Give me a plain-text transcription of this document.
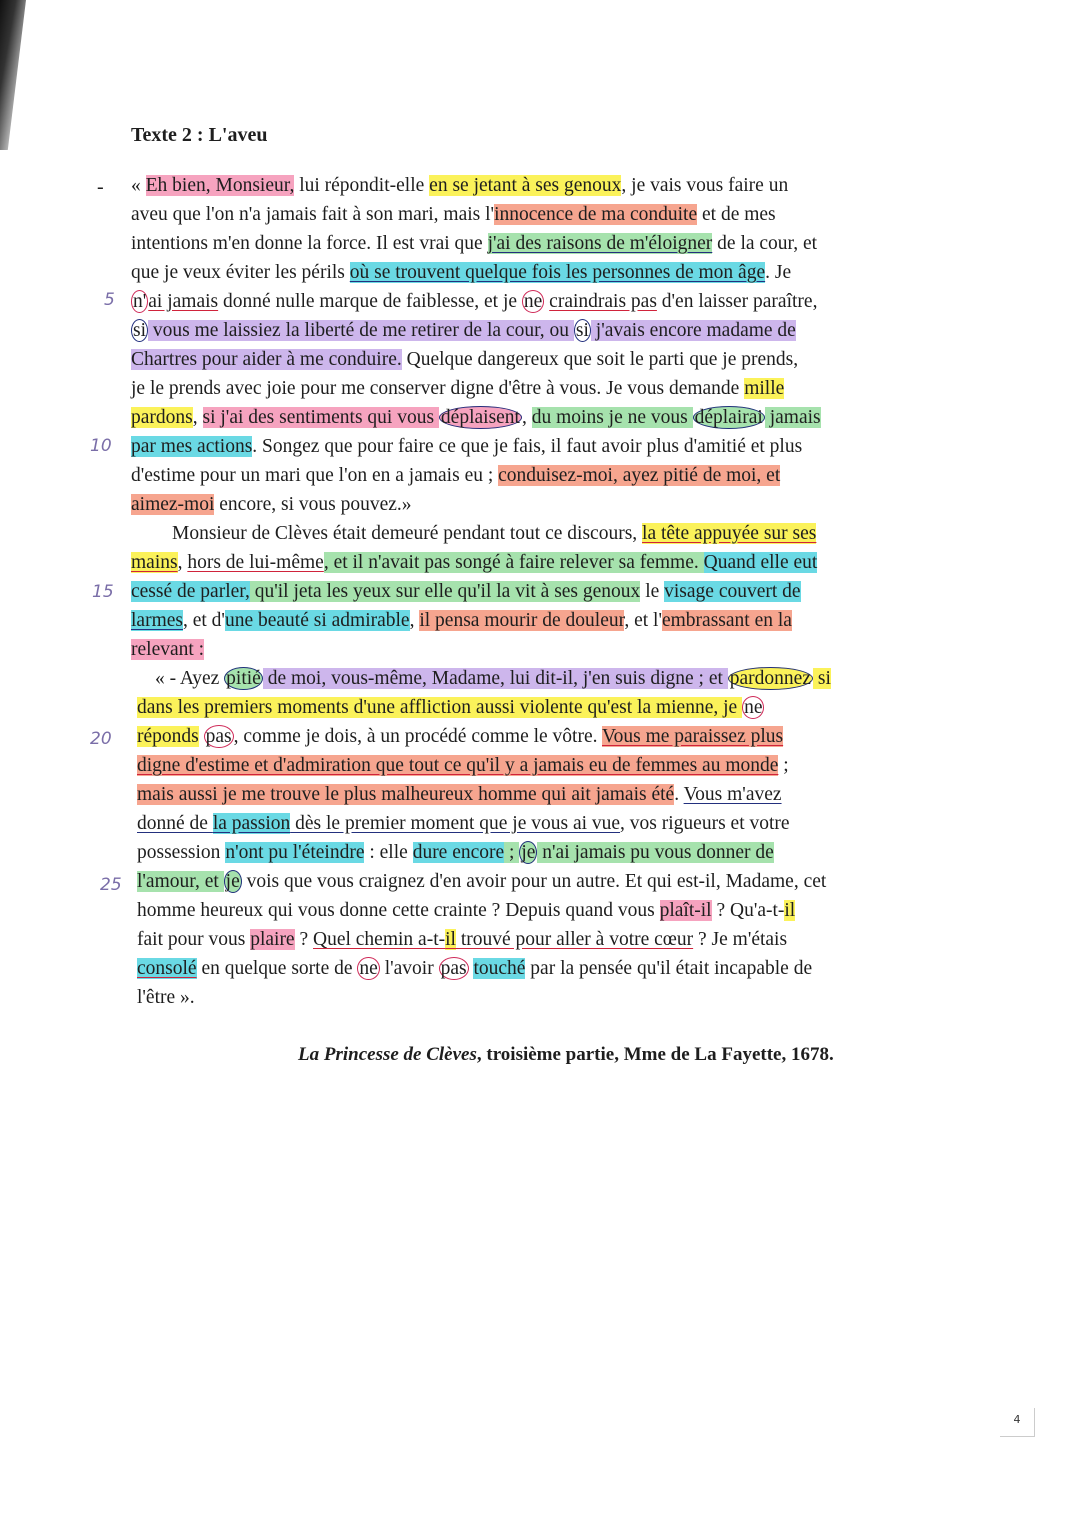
Texte 2 : L'aveu
-
5
10
15
20
25
« Eh bien, Monsieur, lui répondit-elle en se jetant à ses genoux, je vais vous faire un
aveu que l'on n'a jamais fait à son mari, mais l'innocence de ma conduite et de mes
intentions m'en donne la force. Il est vrai que j'ai des raisons de m'éloigner de la cour, et
que je veux éviter les périls où se trouvent quelque fois les personnes de mon âge. Je
n' ai jamais donné nulle marque de faiblesse, et je ne craindrais pas d'en laisser paraître,
si vous me laissiez la liberté de me retirer de la cour, ou si j'avais encore madame de
Chartres pour aider à me conduire. Quelque dangereux que soit le parti que je prends,
je le prends avec joie pour me conserver digne d'être à vous. Je vous demande mille
pardons, si j'ai des sentiments qui vous déplaisent , du moins je ne vous déplairai jamais
par mes actions. Songez que pour faire ce que je fais, il faut avoir plus d'amitié et plus
d'estime pour un mari que l'on en a jamais eu ; conduisez-moi, ayez pitié de moi, et
aimez-moi encore, si vous pouvez.»
Monsieur de Clèves était demeuré pendant tout ce discours, la tête appuyée sur ses
mains, hors de lui-même, et il n'avait pas songé à faire relever sa femme. Quand elle eut
cessé de parler, qu'il jeta les yeux sur elle qu'il la vit à ses genoux le visage couvert de
larmes, et d'une beauté si admirable, il pensa mourir de douleur, et l'embrassant en la
relevant :
« - Ayez pitié de moi, vous-même, Madame, lui dit-il, j'en suis digne ; et pardonnez si
dans les premiers moments d'une affliction aussi violente qu'est la mienne, je ne
réponds pas , comme je dois, à un procédé comme le vôtre. Vous me paraissez plus
digne d'estime et d'admiration que tout ce qu'il y a jamais eu de femmes au monde ;
mais aussi je me trouve le plus malheureux homme qui ait jamais été. Vous m'avez
donné de la passion dès le premier moment que je vous ai vue, vos rigueurs et votre
possession n'ont pu l'éteindre : elle dure encore ; je n'ai jamais pu vous donner de
l'amour, et je vois que vous craignez d'en avoir pour un autre. Et qui est-il, Madame, cet
homme heureux qui vous donne cette crainte ? Depuis quand vous plaît-il ? Qu'a-t-il
fait pour vous plaire ? Quel chemin a-t-il trouvé pour aller à votre cœur ? Je m'étais
consolé en quelque sorte de ne l'avoir pas touché par la pensée qu'il était incapable de
l'être ».

La Princesse de Clèves, troisième partie, Mme de La Fayette, 1678.

4
